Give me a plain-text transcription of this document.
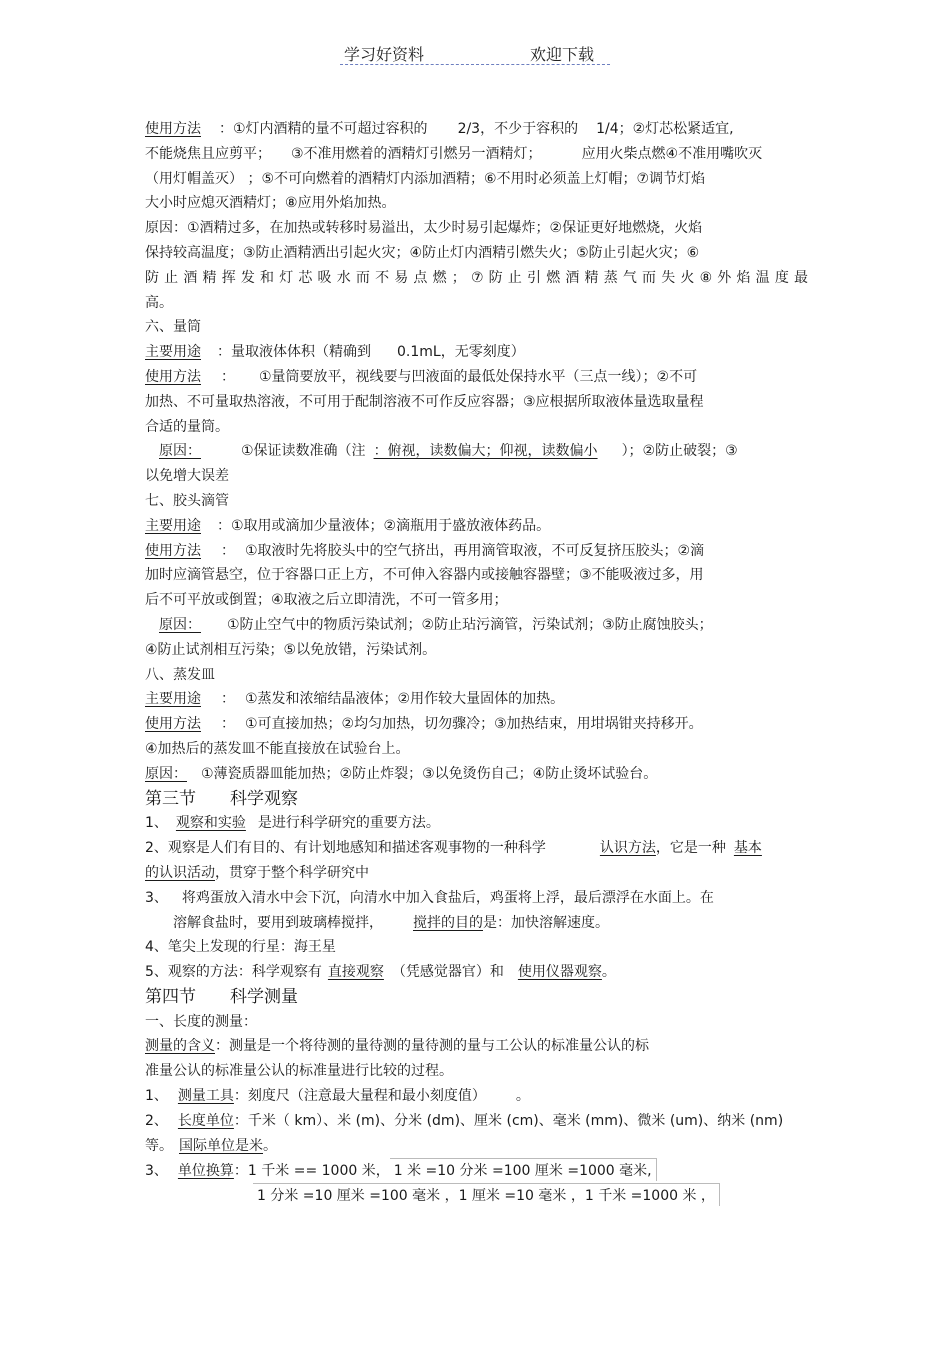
学习好资料	欢迎下载

使用方法 ：①灯内酒精的量不可超过容积的 2/3，不少于容积的 1/4；②灯芯松紧适宜,

不能烧焦且应剪平； ③不准用燃着的酒精灯引燃另一酒精灯；	应用火柴点燃④不准用嘴吹灭

（用灯帽盖灭） ；⑤不可向燃着的酒精灯内添加酒精；⑥不用时必须盖上灯帽；⑦调节灯焰

大小时应熄灭酒精灯；⑧应用外焰加热。

原因：①酒精过多，在加热或转移时易溢出，太少时易引起爆炸；②保证更好地燃烧，火焰

保持较高温度；③防止酒精洒出引起火灾；④防止灯内酒精引燃失火；⑤防止引起火灾；⑥

防止酒精挥发和灯芯吸水而不易点燃；⑦防止引燃酒精蒸气而失火⑧外焰温度最

高。

六、量筒

主要用途 ：量取液体体积（精确到 0.1mL，无零刻度）

使用方法 ： ①量筒要放平，视线要与凹液面的最低处保持水平（三点一线）；②不可

加热、不可量取热溶液，不可用于配制溶液不可作反应容器；③应根据所取液体量选取量程

合适的量筒。

原因：	①保证读数准确（注 ：俯视，读数偏大；仰视，读数偏小 ）；②防止破裂；③

以免增大误差

七、胶头滴管

主要用途 ：①取用或滴加少量液体；②滴瓶用于盛放液体药品。

使用方法 ： ①取液时先将胶头中的空气挤出，再用滴管取液，不可反复挤压胶头；②滴

加时应滴管悬空，位于容器口正上方，不可伸入容器内或接触容器壁；③不能吸液过多，用

后不可平放或倒置；④取液之后立即清洗，不可一管多用；

原因： ①防止空气中的物质污染试剂；②防止玷污滴管，污染试剂；③防止腐蚀胶头；

④防止试剂相互污染；⑤以免放错，污染试剂。

八、蒸发皿

主要用途 ： ①蒸发和浓缩结晶液体；②用作较大量固体的加热。

使用方法 ： ①可直接加热；②均匀加热，切勿骤冷；③加热结束，用坩埚钳夹持移开。

④加热后的蒸发皿不能直接放在试验台上。

原因： ①薄瓷质器皿能加热；②防止炸裂；③以免烫伤自己；④防止烫坏试验台。

第三节 科学观察

1、 观察和实验 是进行科学研究的重要方法。

2、观察是人们有目的、有计划地感知和描述客观事物的一种科学	认识方法，它是一种 基本

的认识活动，贯穿于整个科学研究中

3、 将鸡蛋放入清水中会下沉，向清水中加入食盐后，鸡蛋将上浮，最后漂浮在水面上。在

溶解食盐时，要用到玻璃棒搅拌， 搅拌的目的是：加快溶解速度。

4、笔尖上发现的行星：海王星

5、观察的方法：科学观察有 直接观察 （凭感觉器官）和 使用仪器观察。

第四节 科学测量

一、长度的测量：

测量的含义：测量是一个将待测的量待测的量待测的量与工公认的标准量公认的标

准量公认的标准量公认的标准量进行比较的过程。

1、 测量工具：刻度尺（注意最大量程和最小刻度值） 。

2、 长度单位：千米（ km）、米 (m)、分米 (dm)、厘米 (cm)、毫米 (mm)、微米 (um)、纳米 (nm)

等。 国际单位是米。

3、 单位换算：1 千米 == 1000 米， 1 米 =10 分米 =100 厘米 =1000 毫米,

1 分米 =10 厘米 =100 毫米 ，1 厘米 =10 毫米 ，1 千米 =1000 米 ，
